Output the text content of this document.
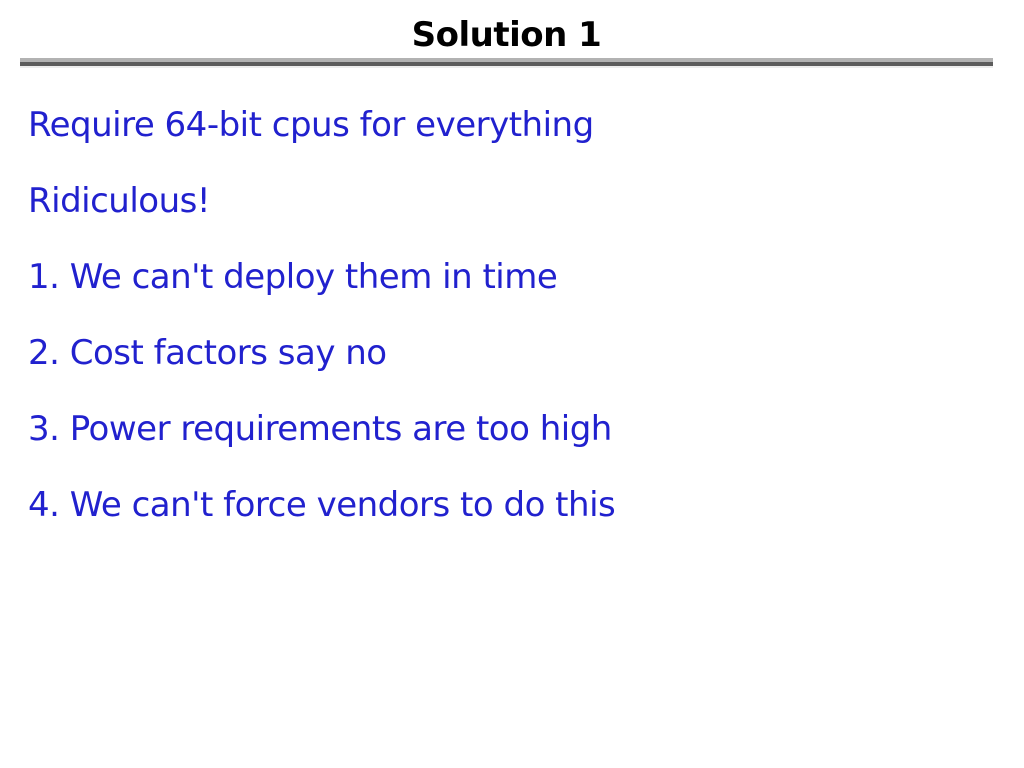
Solution 1

Require 64-bit cpus for everything

Ridiculous!

1. We can't deploy them in time

2. Cost factors say no

3. Power requirements are too high

4. We can't force vendors to do this
